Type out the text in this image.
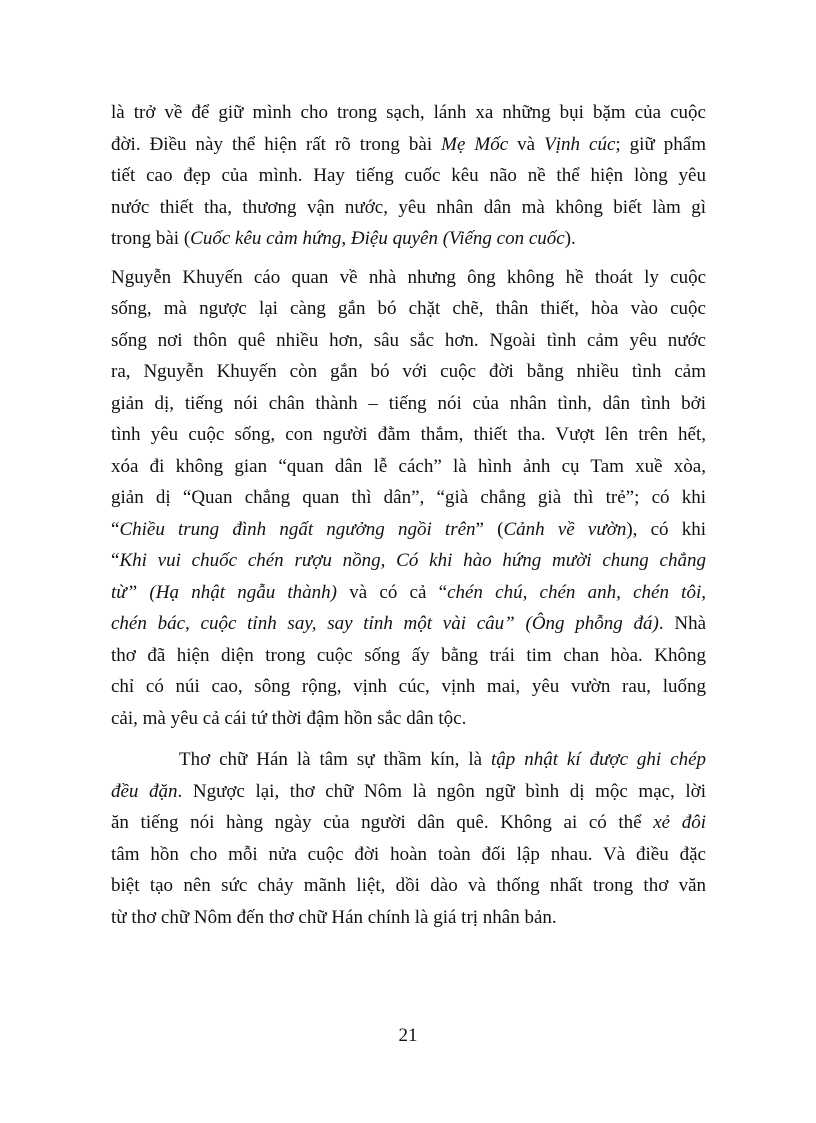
là trở về để giữ mình cho trong sạch, lánh xa những bụi bặm của cuộc
đời. Điều này thể hiện rất rõ trong bài Mẹ Mốc và Vịnh cúc; giữ phẩm
tiết cao đẹp của mình. Hay tiếng cuốc kêu não nề thể hiện lòng yêu
nước thiết tha, thương vận nước, yêu nhân dân mà không biết làm gì
trong bài (Cuốc kêu cảm hứng, Điệu quyên (Viếng con cuốc).
Nguyễn Khuyến cáo quan về nhà nhưng ông không hề thoát ly cuộc
sống, mà ngược lại càng gắn bó chặt chẽ, thân thiết, hòa vào cuộc
sống nơi thôn quê nhiều hơn, sâu sắc hơn. Ngoài tình cảm yêu nước
ra, Nguyễn Khuyến còn gắn bó với cuộc đời bằng nhiều tình cảm
giản dị, tiếng nói chân thành – tiếng nói của nhân tình, dân tình bởi
tình yêu cuộc sống, con người đằm thắm, thiết tha. Vượt lên trên hết,
xóa đi không gian “quan dân lễ cách” là hình ảnh cụ Tam xuề xòa,
giản dị “Quan chẳng quan thì dân”, “già chẳng già thì trẻ”; có khi
“Chiều trung đình ngất ngưởng ngồi trên” (Cảnh về vườn), có khi
“Khi vui chuốc chén rượu nồng, Có khi hào hứng mười chung chẳng
từ” (Hạ nhật ngẫu thành) và có cả “chén chú, chén anh, chén tôi,
chén bác, cuộc tỉnh say, say tỉnh một vài câu” (Ông phỗng đá). Nhà
thơ đã hiện diện trong cuộc sống ấy bằng trái tim chan hòa. Không
chỉ có núi cao, sông rộng, vịnh cúc, vịnh mai, yêu vườn rau, luống
cải, mà yêu cả cái tứ thời đậm hồn sắc dân tộc.
Thơ chữ Hán là tâm sự thầm kín, là tập nhật kí được ghi chép
đều đặn. Ngược lại, thơ chữ Nôm là ngôn ngữ bình dị mộc mạc, lời
ăn tiếng nói hàng ngày của người dân quê. Không ai có thể xẻ đôi
tâm hồn cho mỗi nửa cuộc đời hoàn toàn đối lập nhau. Và điều đặc
biệt tạo nên sức chảy mãnh liệt, dồi dào và thống nhất trong thơ văn
từ thơ chữ Nôm đến thơ chữ Hán chính là giá trị nhân bản.
21
